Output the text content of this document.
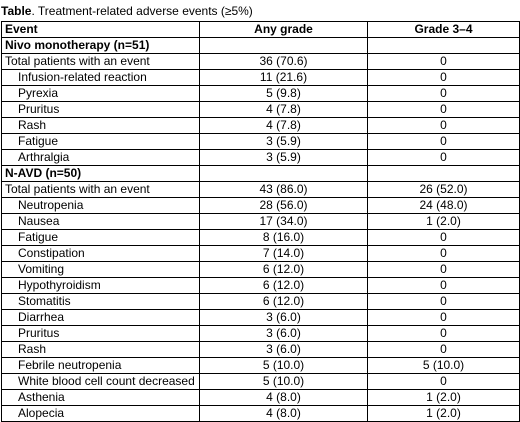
Table. Treatment-related adverse events (≥5%)
Event	Any grade	Grade 3–4
Nivo monotherapy (n=51)		
Total patients with an event	36 (70.6)	0
Infusion-related reaction	11 (21.6)	0
Pyrexia	5 (9.8)	0
Pruritus	4 (7.8)	0
Rash	4 (7.8)	0
Fatigue	3 (5.9)	0
Arthralgia	3 (5.9)	0
N-AVD (n=50)		
Total patients with an event	43 (86.0)	26 (52.0)
Neutropenia	28 (56.0)	24 (48.0)
Nausea	17 (34.0)	1 (2.0)
Fatigue	8 (16.0)	0
Constipation	7 (14.0)	0
Vomiting	6 (12.0)	0
Hypothyroidism	6 (12.0)	0
Stomatitis	6 (12.0)	0
Diarrhea	3 (6.0)	0
Pruritus	3 (6.0)	0
Rash	3 (6.0)	0
Febrile neutropenia	5 (10.0)	5 (10.0)
White blood cell count decreased	5 (10.0)	0
Asthenia	4 (8.0)	1 (2.0)
Alopecia	4 (8.0)	1 (2.0)
